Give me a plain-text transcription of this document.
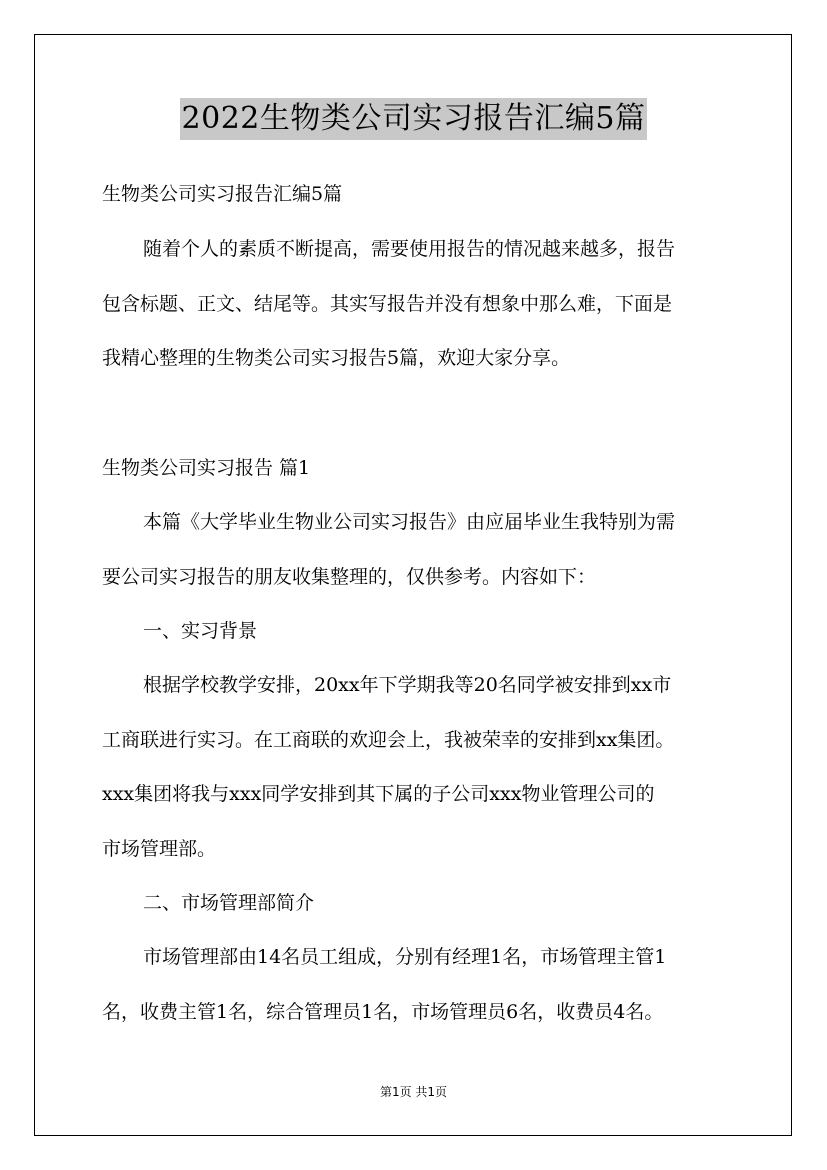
2022生物类公司实习报告汇编5篇
生物类公司实习报告汇编5篇
随着个人的素质不断提高，需要使用报告的情况越来越多，报告
包含标题、正文、结尾等。其实写报告并没有想象中那么难，下面是
我精心整理的生物类公司实习报告5篇，欢迎大家分享。
生物类公司实习报告 篇1
本篇《大学毕业生物业公司实习报告》由应届毕业生我特别为需
要公司实习报告的朋友收集整理的，仅供参考。内容如下：
一、实习背景
根据学校教学安排，20xx年下学期我等20名同学被安排到xx市
工商联进行实习。在工商联的欢迎会上，我被荣幸的安排到xx集团。
xxx集团将我与xxx同学安排到其下属的子公司xxx物业管理公司的
市场管理部。
二、市场管理部简介
市场管理部由14名员工组成，分别有经理1名，市场管理主管1
名，收费主管1名，综合管理员1名，市场管理员6名，收费员4名。
第1页 共1页
